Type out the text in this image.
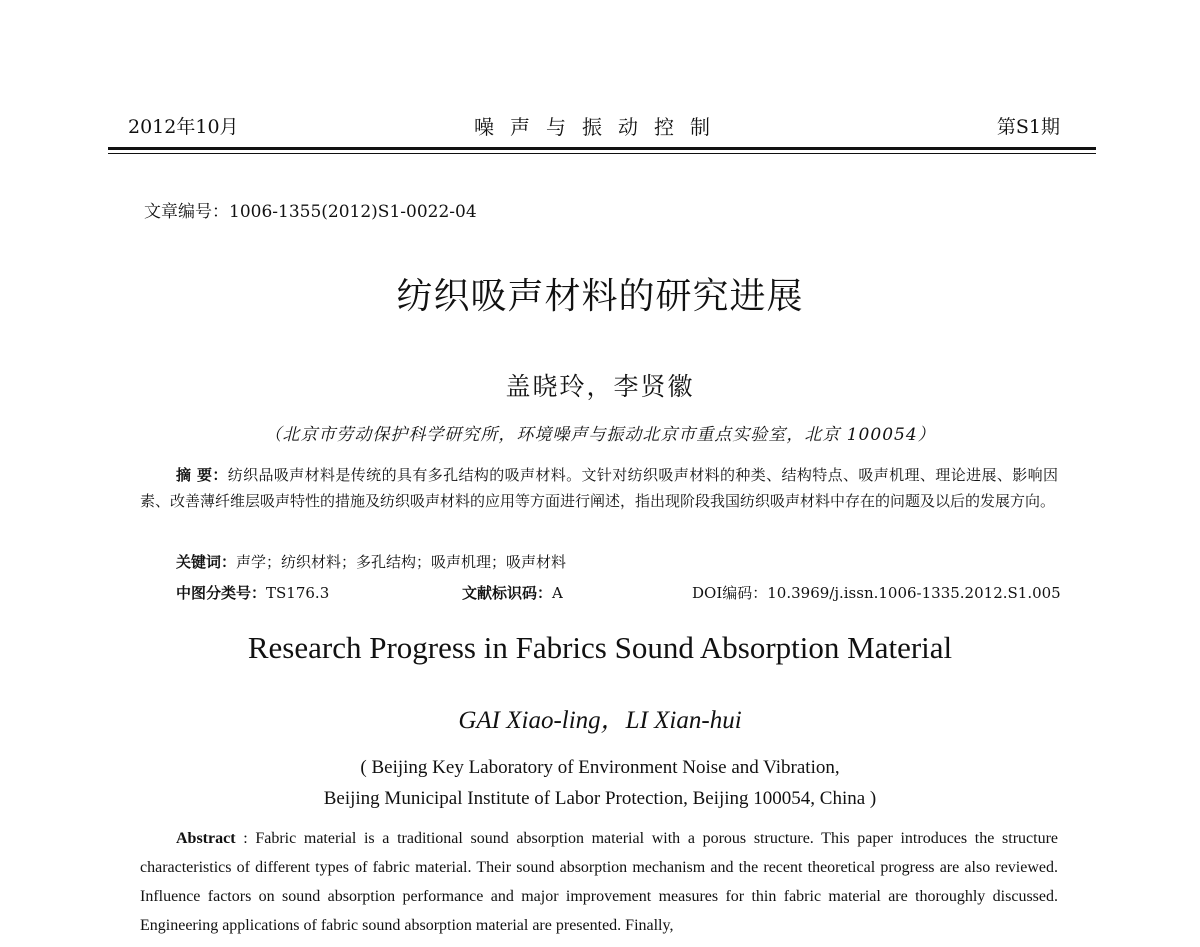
2012年10月	噪声与振动控制	第S1期
文章编号：1006-1355(2012)S1-0022-04
纺织吸声材料的研究进展
盖晓玲，李贤徽
（北京市劳动保护科学研究所，环境噪声与振动北京市重点实验室，北京 100054）
摘 要：纺织品吸声材料是传统的具有多孔结构的吸声材料。文针对纺织吸声材料的种类、结构特点、吸声机理、理论进展、影响因素、改善薄纤维层吸声特性的措施及纺织吸声材料的应用等方面进行阐述，指出现阶段我国纺织吸声材料中存在的问题及以后的发展方向。
关键词：声学；纺织材料；多孔结构；吸声机理；吸声材料
中图分类号：TS176.3	文献标识码：A	DOI编码：10.3969/j.issn.1006-1335.2012.S1.005
Research Progress in Fabrics Sound Absorption Material
GAI Xiao-ling，LI Xian-hui
( Beijing Key Laboratory of Environment Noise and Vibration,
Beijing Municipal Institute of Labor Protection, Beijing 100054, China )
Abstract : Fabric material is a traditional sound absorption material with a porous structure. This paper introduces the structure characteristics of different types of fabric material. Their sound absorption mechanism and the recent theoretical progress are also reviewed. Influence factors on sound absorption performance and major improvement measures for thin fabric material are thoroughly discussed. Engineering applications of fabric sound absorption material are presented. Finally,
